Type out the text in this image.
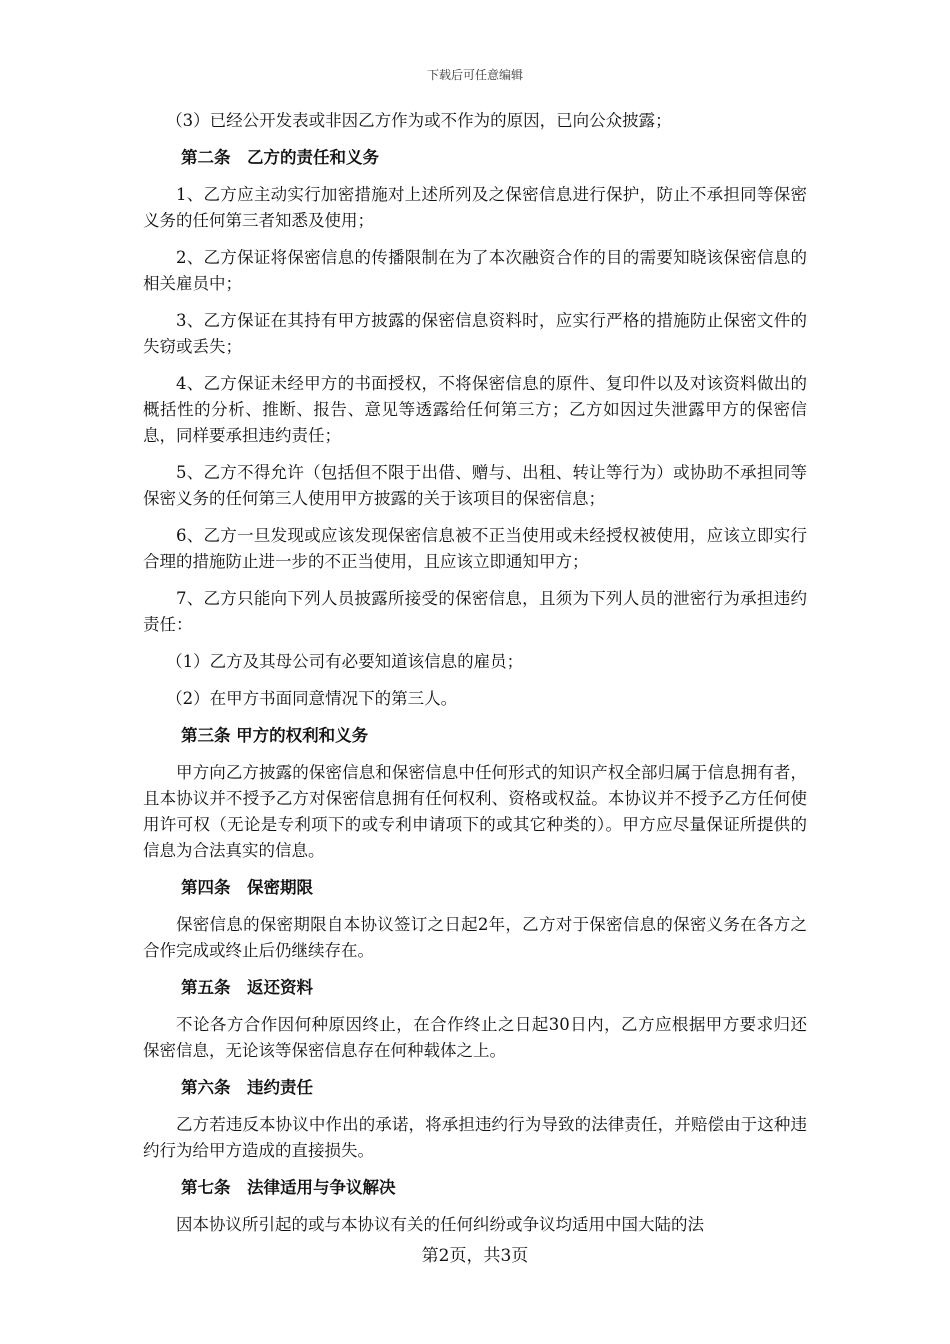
下载后可任意编辑

（3）已经公开发表或非因乙方作为或不作为的原因，已向公众披露；

第二条　乙方的责任和义务

1、乙方应主动实行加密措施对上述所列及之保密信息进行保护，防止不承担同等保密义务的任何第三者知悉及使用；

2、乙方保证将保密信息的传播限制在为了本次融资合作的目的需要知晓该保密信息的相关雇员中；

3、乙方保证在其持有甲方披露的保密信息资料时，应实行严格的措施防止保密文件的失窃或丢失；

4、乙方保证未经甲方的书面授权，不将保密信息的原件、复印件以及对该资料做出的概括性的分析、推断、报告、意见等透露给任何第三方；乙方如因过失泄露甲方的保密信息，同样要承担违约责任；

5、乙方不得允许（包括但不限于出借、赠与、出租、转让等行为）或协助不承担同等保密义务的任何第三人使用甲方披露的关于该项目的保密信息；

6、乙方一旦发现或应该发现保密信息被不正当使用或未经授权被使用，应该立即实行合理的措施防止进一步的不正当使用，且应该立即通知甲方；

7、乙方只能向下列人员披露所接受的保密信息，且须为下列人员的泄密行为承担违约责任：

（1）乙方及其母公司有必要知道该信息的雇员；

（2）在甲方书面同意情况下的第三人。

第三条 甲方的权利和义务

甲方向乙方披露的保密信息和保密信息中任何形式的知识产权全部归属于信息拥有者，且本协议并不授予乙方对保密信息拥有任何权利、资格或权益。本协议并不授予乙方任何使用许可权（无论是专利项下的或专利申请项下的或其它种类的）。甲方应尽量保证所提供的信息为合法真实的信息。

第四条　保密期限

保密信息的保密期限自本协议签订之日起2年，乙方对于保密信息的保密义务在各方之合作完成或终止后仍继续存在。

第五条　返还资料

不论各方合作因何种原因终止，在合作终止之日起30日内，乙方应根据甲方要求归还保密信息，无论该等保密信息存在何种载体之上。

第六条　违约责任

乙方若违反本协议中作出的承诺，将承担违约行为导致的法律责任，并赔偿由于这种违约行为给甲方造成的直接损失。

第七条　法律适用与争议解决

因本协议所引起的或与本协议有关的任何纠纷或争议均适用中国大陆的法

第2页，共3页
